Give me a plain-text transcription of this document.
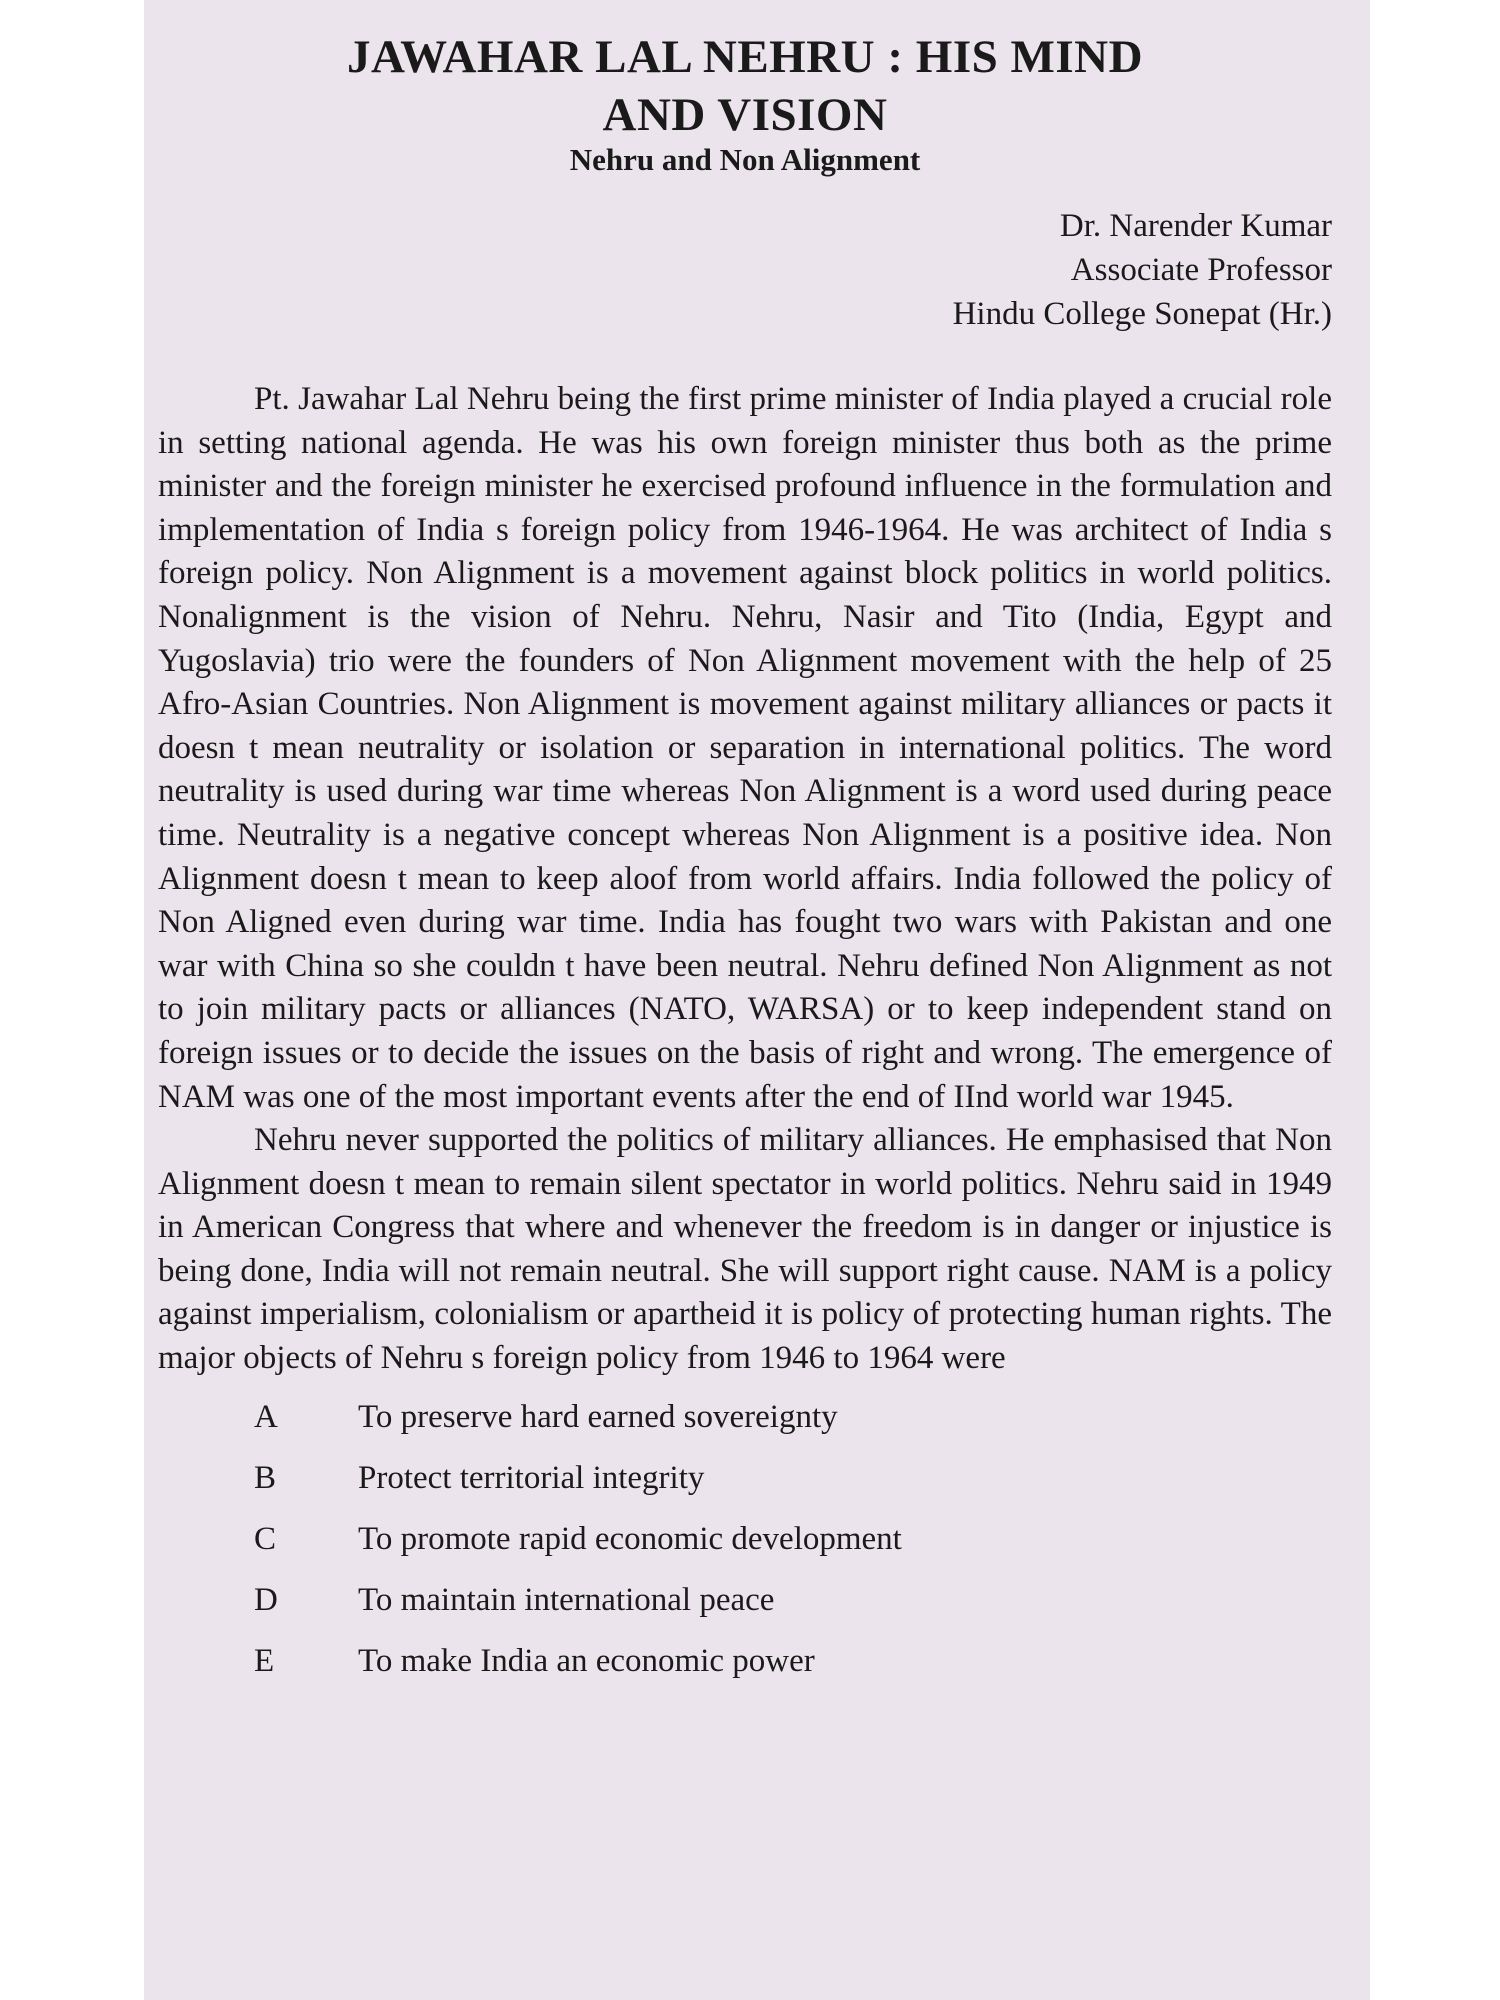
JAWAHAR LAL NEHRU : HIS MIND
AND VISION
Nehru and Non Alignment
Dr. Narender Kumar
Associate Professor
Hindu College Sonepat (Hr.)

Pt. Jawahar Lal Nehru being the first prime minister of India played a crucial role in setting national agenda. He was his own foreign minister thus both as the prime minister and the foreign minister he exercised profound influence in the formulation and implementation of India s foreign policy from 1946-1964. He was architect of India s foreign policy. Non Alignment is a movement against block politics in world politics. Nonalignment is the vision of Nehru. Nehru, Nasir and Tito (India, Egypt and Yugoslavia) trio were the founders of Non Alignment movement with the help of 25 Afro-Asian Countries. Non Alignment is movement against military alliances or pacts it doesn t mean neutrality or isolation or separation in international politics. The word neutrality is used during war time whereas Non Alignment is a word used during peace time. Neutrality is a negative concept whereas Non Alignment is a positive idea. Non Alignment doesn t mean to keep aloof from world affairs. India followed the policy of Non Aligned even during war time. India has fought two wars with Pakistan and one war with China so she couldn t have been neutral. Nehru defined Non Alignment as not to join military pacts or alliances (NATO, WARSA) or to keep independent stand on foreign issues or to decide the issues on the basis of right and wrong. The emergence of NAM was one of the most important events after the end of IInd world war 1945.

Nehru never supported the politics of military alliances. He emphasised that Non Alignment doesn t mean to remain silent spectator in world politics. Nehru said in 1949 in American Congress that where and whenever the freedom is in danger or injustice is being done, India will not remain neutral. She will support right cause. NAM is a policy against imperialism, colonialism or apartheid it is policy of protecting human rights. The major objects of Nehru s foreign policy from 1946 to 1964 were

A	To preserve hard earned sovereignty
B	Protect territorial integrity
C	To promote rapid economic development
D	To maintain international peace
E	To make India an economic power
